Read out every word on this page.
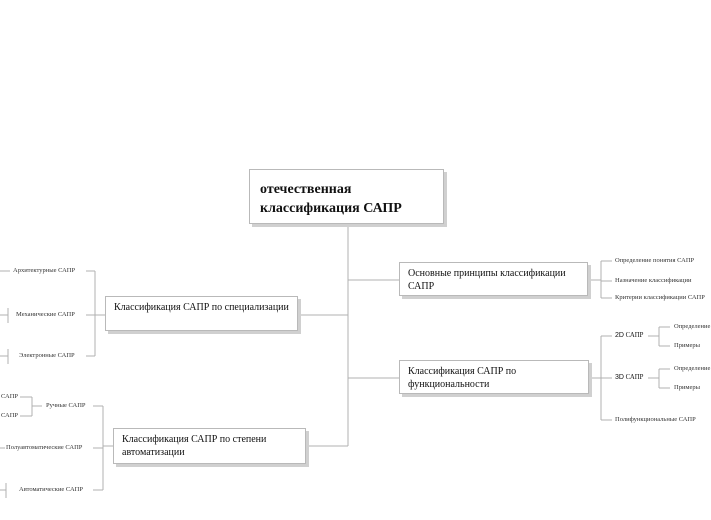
отечественная классификация САПР
Основные принципы классификации САПР
Классификация САПР по функциональности
Классификация САПР по специализации
Классификация САПР по степени автоматизации
Определение понятия САПР
Назначение классификации
Критерии классификации САПР
2D САПР
Определение
Примеры
3D САПР
Определение
Примеры
Полифункциональные САПР
Архитектурные САПР
Механические САПР
Электронные САПР
Ручные САПР
САПР
САПР
Полуавтоматические САПР
Автоматические САПР
